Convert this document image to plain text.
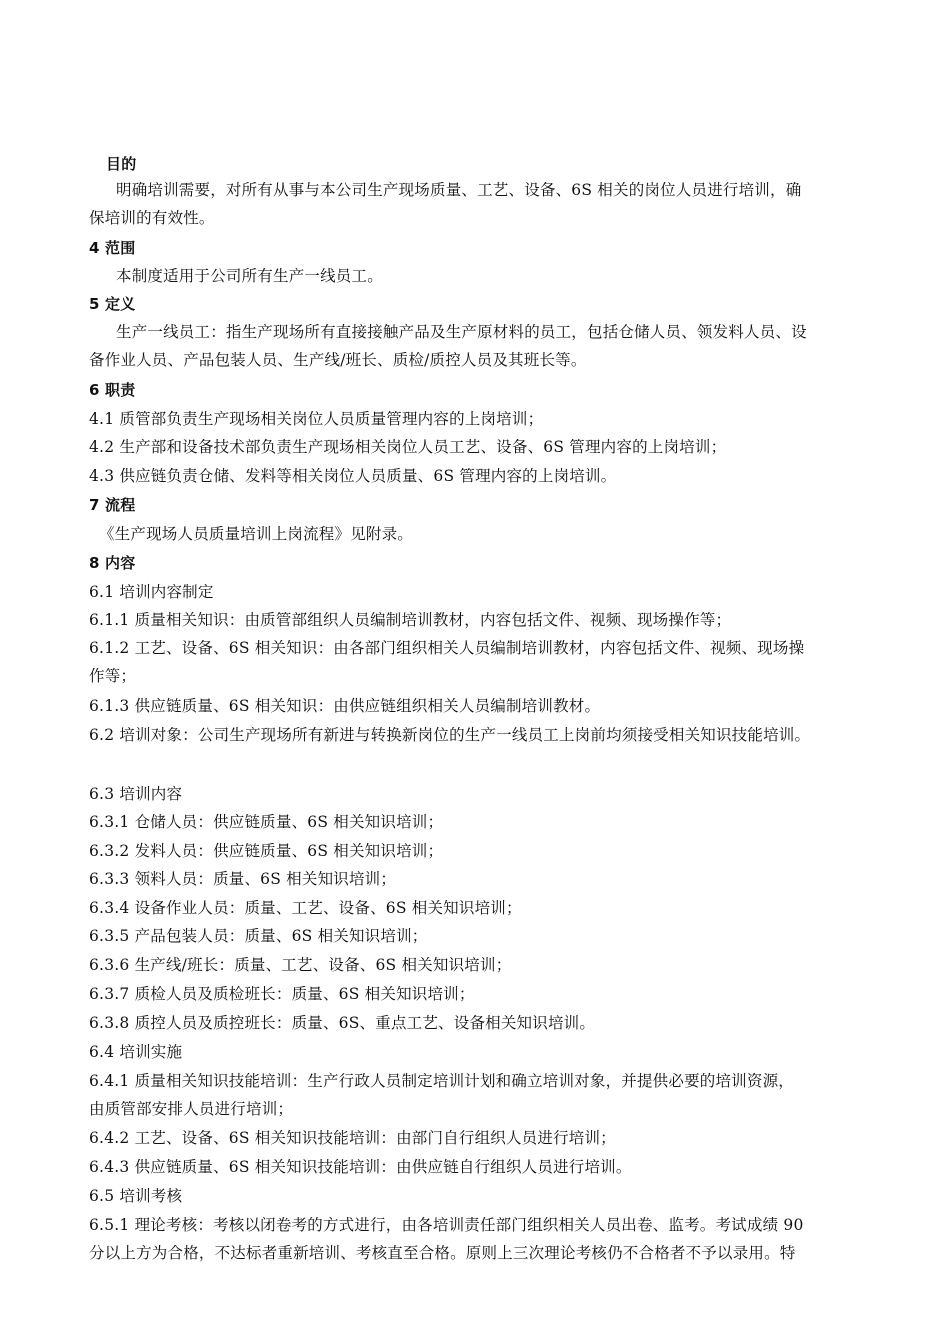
目的
明确培训需要，对所有从事与本公司生产现场质量、工艺、设备、6S 相关的岗位人员进行培训，确
保培训的有效性。
4 范围
本制度适用于公司所有生产一线员工。
5 定义
生产一线员工：指生产现场所有直接接触产品及生产原材料的员工，包括仓储人员、领发料人员、设
备作业人员、产品包装人员、生产线/班长、质检/质控人员及其班长等。
6 职责
4.1 质管部负责生产现场相关岗位人员质量管理内容的上岗培训；
4.2 生产部和设备技术部负责生产现场相关岗位人员工艺、设备、6S 管理内容的上岗培训；
4.3 供应链负责仓储、发料等相关岗位人员质量、6S 管理内容的上岗培训。
7 流程
《生产现场人员质量培训上岗流程》见附录。
8 内容
6.1 培训内容制定
6.1.1 质量相关知识：由质管部组织人员编制培训教材，内容包括文件、视频、现场操作等；
6.1.2 工艺、设备、6S 相关知识：由各部门组织相关人员编制培训教材，内容包括文件、视频、现场操
作等；
6.1.3 供应链质量、6S 相关知识：由供应链组织相关人员编制培训教材。
6.2 培训对象：公司生产现场所有新进与转换新岗位的生产一线员工上岗前均须接受相关知识技能培训。
6.3 培训内容
6.3.1 仓储人员：供应链质量、6S 相关知识培训；
6.3.2 发料人员：供应链质量、6S 相关知识培训；
6.3.3 领料人员：质量、6S 相关知识培训；
6.3.4 设备作业人员：质量、工艺、设备、6S 相关知识培训；
6.3.5 产品包装人员：质量、6S 相关知识培训；
6.3.6 生产线/班长：质量、工艺、设备、6S 相关知识培训；
6.3.7 质检人员及质检班长：质量、6S 相关知识培训；
6.3.8 质控人员及质控班长：质量、6S、重点工艺、设备相关知识培训。
6.4 培训实施
6.4.1 质量相关知识技能培训：生产行政人员制定培训计划和确立培训对象，并提供必要的培训资源，
由质管部安排人员进行培训；
6.4.2 工艺、设备、6S 相关知识技能培训：由部门自行组织人员进行培训；
6.4.3 供应链质量、6S 相关知识技能培训：由供应链自行组织人员进行培训。
6.5 培训考核
6.5.1 理论考核：考核以闭卷考的方式进行，由各培训责任部门组织相关人员出卷、监考。考试成绩 90
分以上方为合格，不达标者重新培训、考核直至合格。原则上三次理论考核仍不合格者不予以录用。特
